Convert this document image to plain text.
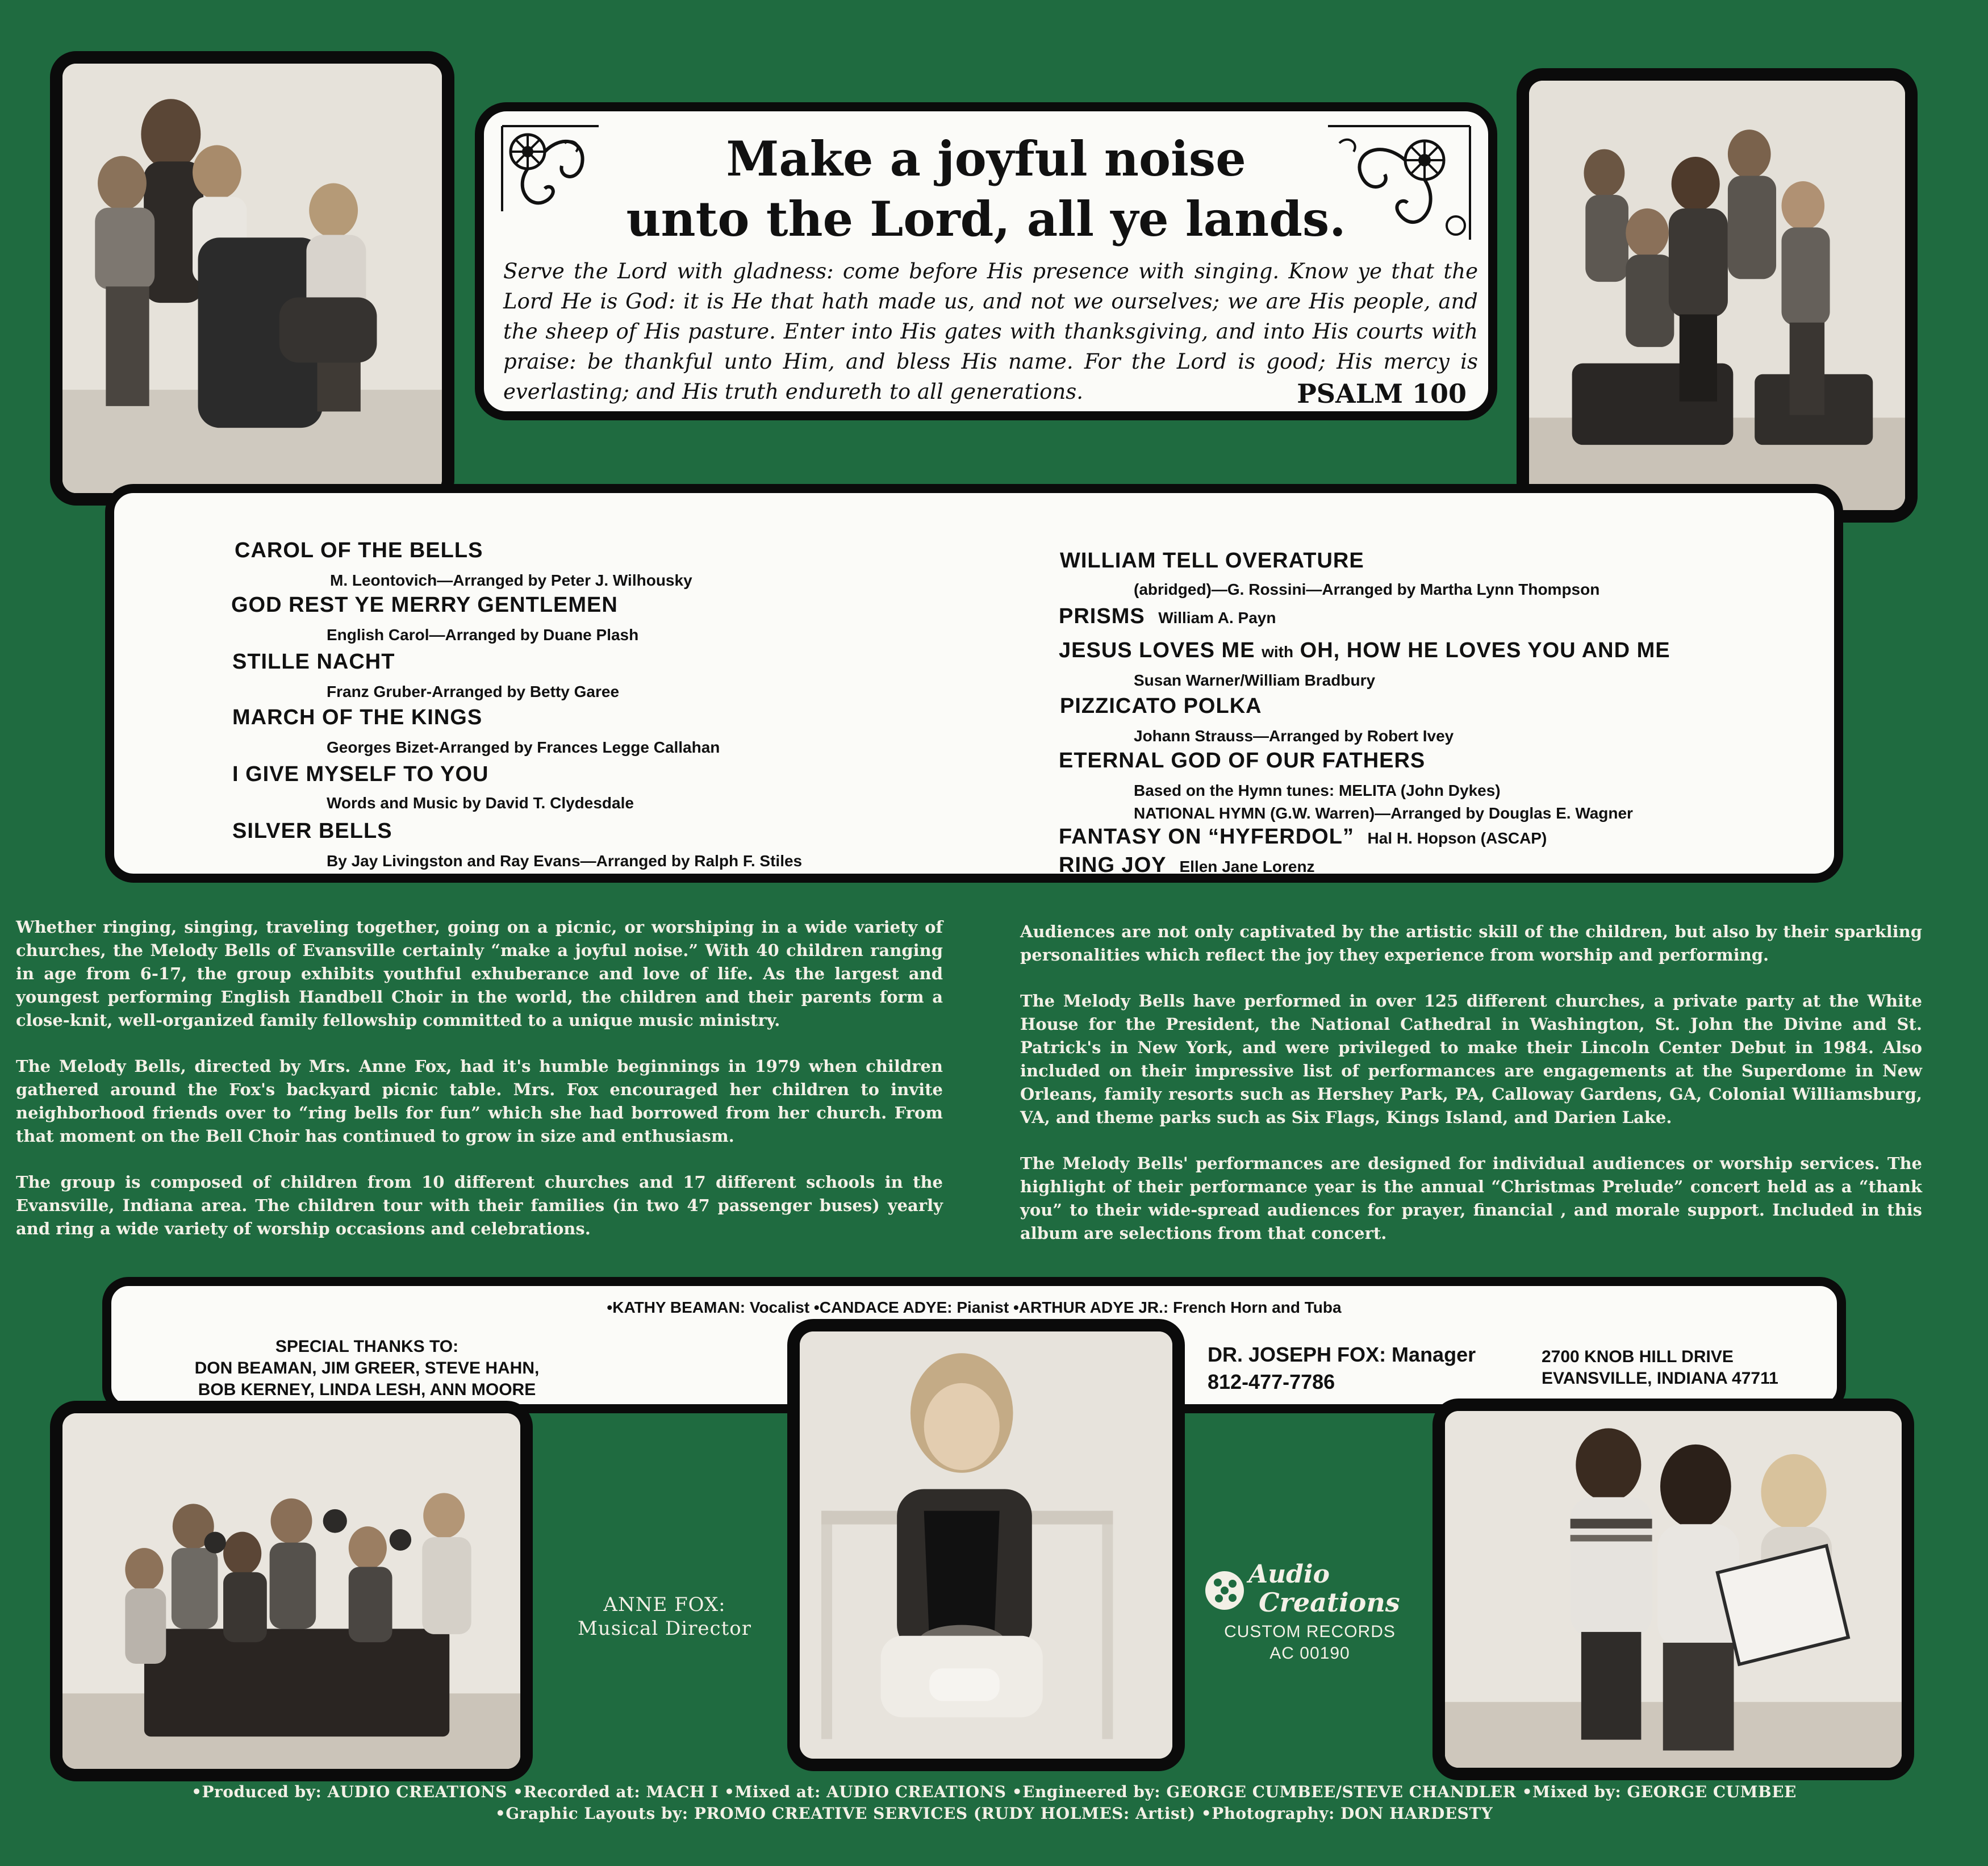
Make a joyful noise
unto the Lord, all ye lands.
Serve the Lord with gladness: come before His presence with singing. Know ye that the Lord He is God: it is He that hath made us, and not we ourselves; we are His people, and the sheep of His pasture. Enter into His gates with thanksgiving, and into His courts with praise: be thankful unto Him, and bless His name. For the Lord is good; His mercy is everlasting; and His truth endureth to all generations.	PSALM 100
CAROL OF THE BELLS
M. Leontovich—Arranged by Peter J. Wilhousky
GOD REST YE MERRY GENTLEMEN
English Carol—Arranged by Duane Plash
STILLE NACHT
Franz Gruber-Arranged by Betty Garee
MARCH OF THE KINGS
Georges Bizet-Arranged by Frances Legge Callahan
I GIVE MYSELF TO YOU
Words and Music by David T. Clydesdale
SILVER BELLS
By Jay Livingston and Ray Evans—Arranged by Ralph F. Stiles
WILLIAM TELL OVERATURE
(abridged)—G. Rossini—Arranged by Martha Lynn Thompson
PRISMS William A. Payn
JESUS LOVES ME with OH, HOW HE LOVES YOU AND ME
Susan Warner/William Bradbury
PIZZICATO POLKA
Johann Strauss—Arranged by Robert Ivey
ETERNAL GOD OF OUR FATHERS
Based on the Hymn tunes: MELITA (John Dykes)
NATIONAL HYMN (G.W. Warren)—Arranged by Douglas E. Wagner
FANTASY ON “HYFERDOL” Hal H. Hopson (ASCAP)
RING JOY Ellen Jane Lorenz

Whether ringing, singing, traveling together, going on a picnic, or worshiping in a wide variety of churches, the Melody Bells of Evansville certainly “make a joyful noise.” With 40 children ranging in age from 6-17, the group exhibits youthful exhuberance and love of life. As the largest and youngest performing English Handbell Choir in the world, the children and their parents form a close-knit, well-organized family fellowship committed to a unique music ministry.

The Melody Bells, directed by Mrs. Anne Fox, had it's humble beginnings in 1979 when children gathered around the Fox's backyard picnic table. Mrs. Fox encouraged her children to invite neighborhood friends over to “ring bells for fun” which she had borrowed from her church. From that moment on the Bell Choir has continued to grow in size and enthusiasm.

The group is composed of children from 10 different churches and 17 different schools in the Evansville, Indiana area. The children tour with their families (in two 47 passenger buses) yearly and ring a wide variety of worship occasions and celebrations.

Audiences are not only captivated by the artistic skill of the children, but also by their sparkling personalities which reflect the joy they experience from worship and performing.

The Melody Bells have performed in over 125 different churches, a private party at the White House for the President, the National Cathedral in Washington, St. John the Divine and St. Patrick's in New York, and were privileged to make their Lincoln Center Debut in 1984. Also included on their impressive list of performances are engagements at the Superdome in New Orleans, family resorts such as Hershey Park, PA, Calloway Gardens, GA, Colonial Williamsburg, VA, and theme parks such as Six Flags, Kings Island, and Darien Lake.

The Melody Bells' performances are designed for individual audiences or worship services. The highlight of their performance year is the annual “Christmas Prelude” concert held as a “thank you” to their wide-spread audiences for prayer, financial , and morale support. Included in this album are selections from that concert.

•KATHY BEAMAN: Vocalist •CANDACE ADYE: Pianist •ARTHUR ADYE JR.: French Horn and Tuba
SPECIAL THANKS TO:
DON BEAMAN, JIM GREER, STEVE HAHN,
BOB KERNEY, LINDA LESH, ANN MOORE
DR. JOSEPH FOX: Manager
812-477-7786
2700 KNOB HILL DRIVE
EVANSVILLE, INDIANA 47711
ANNE FOX:
Musical Director
Audio
Creations
CUSTOM RECORDS
AC 00190
•Produced by: AUDIO CREATIONS •Recorded at: MACH I •Mixed at: AUDIO CREATIONS •Engineered by: GEORGE CUMBEE/STEVE CHANDLER •Mixed by: GEORGE CUMBEE
•Graphic Layouts by: PROMO CREATIVE SERVICES (RUDY HOLMES: Artist) •Photography: DON HARDESTY
